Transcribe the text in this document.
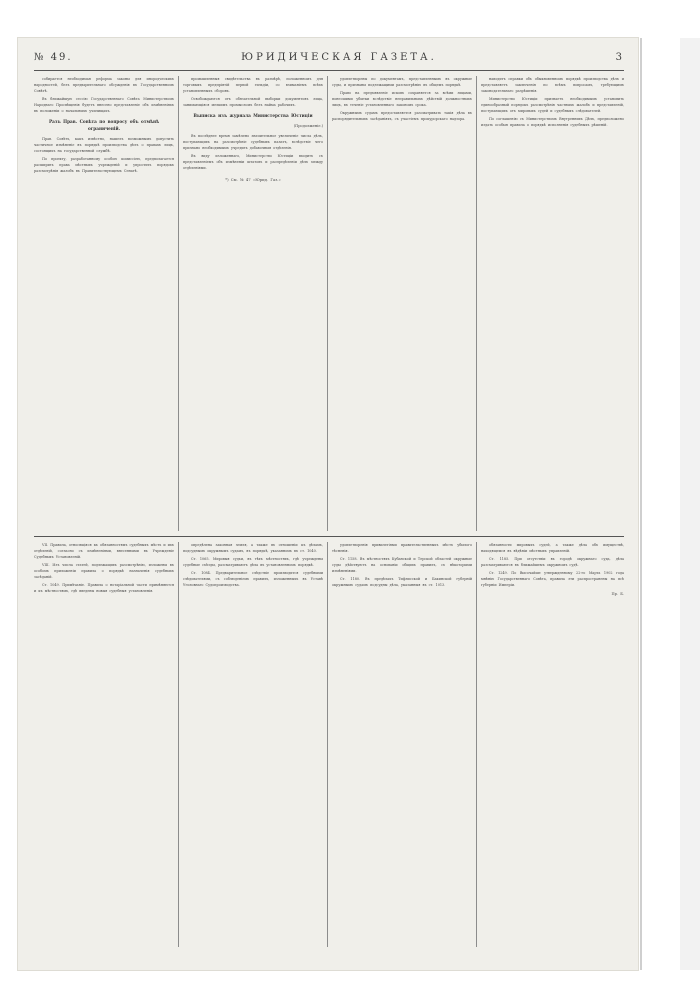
№ 49.	ЮРИДИЧЕСКАЯ ГАЗЕТА.	3

собирается необходимая реформа законы для инородческихъ народностей, безъ предварительнаго обсужденія въ Государственномъ Совѣтѣ.

Въ ближайшую сессію Государственнаго Совѣта Министерствомъ Народнаго Просвѣщенія будетъ внесено представленіе объ измѣненіяхъ въ положеніи о начальныхъ училищахъ.

Разъ Прав. Совѣта по вопросу объ отмѣнѣ ограниченій.

Прав. Совѣтъ, какъ извѣстно, нашелъ возможнымъ допустить частичное измѣненіе въ порядкѣ производства дѣлъ о правахъ лицъ, состоящихъ на государственной службѣ.

По проекту, разработанному особою комиссіею, предполагается расширить права мѣстныхъ учрежденій и упростить порядокъ разсмотрѣнія жалобъ въ Правительствующемъ Сенатѣ.

промышленныя свидѣтельства въ размѣрѣ, положенномъ для торговыхъ предпріятій первой гильдіи, со взиманіемъ всѣхъ установленныхъ сборовъ.

Освобождаются отъ обязательной выборки документовъ лица, занимающіяся мелкимъ промысломъ безъ найма рабочихъ.

Выписка изъ журнала Министерства Юстиціи
(Продолженіе.)

Въ послѣднее время замѣчено значительное увеличеніе числа дѣлъ, поступающихъ на разсмотрѣніе судебныхъ палатъ, вслѣдствіе чего признано необходимымъ учредить добавочныя отдѣленія.

Въ виду изложеннаго, Министерство Юстиціи входитъ съ представленіемъ объ измѣненіи штатовъ и распредѣленіи дѣлъ между отдѣленіями.

*) См. № 47 «Юрид. Газ.»

удовлетворены по документамъ, представленнымъ въ окружные суды, и признаны подлежащими разсмотрѣнію въ общемъ порядкѣ.

Право на предъявленіе исковъ сохраняется за всѣми лицами, понесшими убытки вслѣдствіе неправильныхъ дѣйствій должностныхъ лицъ, въ теченіе установленнаго закономъ срока.

Окружнымъ судамъ предоставляется разсматривать такія дѣла въ распорядительныхъ засѣданіяхъ, съ участіемъ прокурорскаго надзора.

наводитъ справки объ обыкновенномъ порядкѣ производства дѣлъ и представляетъ заключенія по всѣмъ вопросамъ, требующимъ законодательнаго разрѣшенія.

Министерство Юстиціи признаетъ необходимымъ установить единообразный порядокъ разсмотрѣнія частныхъ жалобъ и представленій, поступающихъ отъ мировыхъ судей и судебныхъ слѣдователей.

По соглашенію съ Министерствомъ Внутреннихъ Дѣлъ, предположено издать особыя правила о порядкѣ исполненія судебныхъ рѣшеній.

VII. Правила, относящіяся къ обязанностямъ судебныхъ мѣстъ и ихъ отдѣленій, согласно съ измѣненіями, внесенными въ Учрежденіе Судебныхъ Установленій.

VIII. Изъ числа статей, подлежащихъ разсмотрѣнію, изложены въ особомъ приложеніи правила о порядкѣ назначенія судебныхъ засѣданій.

Ст. 1049. Примѣчаніе. Правила о нотаріальной части примѣняются и къ мѣстностямъ, гдѣ введены новыя судебныя установленія.

опредѣлена законная земля, а также въ отношеніи къ дѣламъ, подсуднымъ окружнымъ судамъ, въ порядкѣ, указанномъ въ ст. 1040.

Ст. 1065. Мировыя судьи, въ тѣхъ мѣстностяхъ, гдѣ учреждены судебные съѣзды, разсматриваютъ дѣла въ установленномъ порядкѣ.

Ст. 1084. Предварительное слѣдствіе производится судебными слѣдователями, съ соблюденіемъ правилъ, изложенныхъ въ Уставѣ Уголовнаго Судопроизводства.

удовлетворенія привилегіями правительственныхъ мѣстъ убылого тѣсненія.

Ст. 1158. Въ мѣстностяхъ Кубанской и Терской областей окружные суды дѣйствуютъ на основаніи общихъ правилъ, съ нѣкоторыми измѣненіями.

Ст. 1180. Въ предѣлахъ Тифлисской и Бакинской губерній окружнымъ судамъ подсудны дѣла, указанныя въ ст. 1013.

обязанности мировыхъ судей, а также дѣла объ имуществѣ, находящемся въ вѣдѣніи мѣстныхъ управленій.

Ст. 1185. При отсутствіи въ городѣ окружнаго суда, дѣла разсматриваются въ ближайшемъ окружномъ судѣ.

Ст. 1249. По Высочайше утвержденному 22-го Марта 1902 года мнѣнію Государственнаго Совѣта, правила эти распространены на всѣ губерніи Имперіи.

Пр. Б.
